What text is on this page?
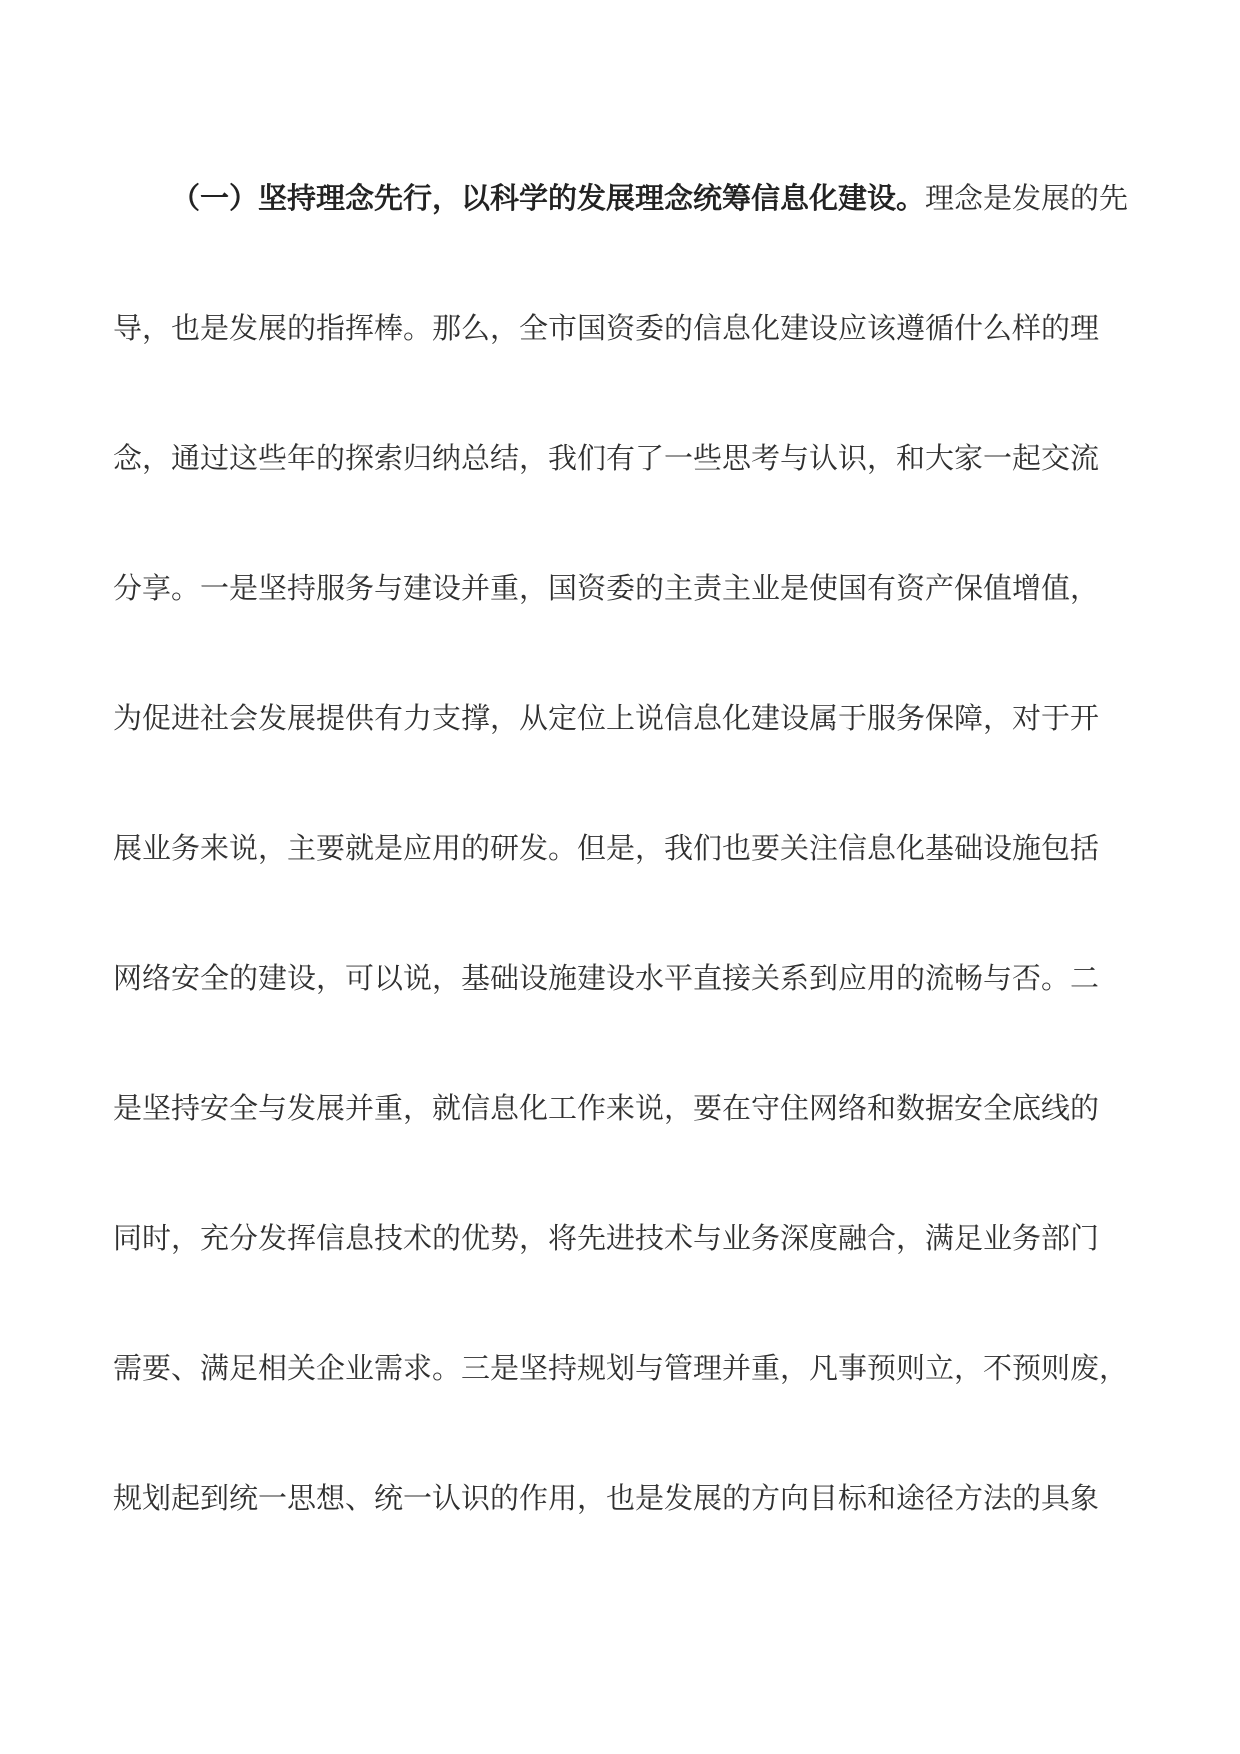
（一）坚持理念先行，以科学的发展理念统筹信息化建设。理念是发展的先
导，也是发展的指挥棒。那么，全市国资委的信息化建设应该遵循什么样的理
念，通过这些年的探索归纳总结，我们有了一些思考与认识，和大家一起交流
分享。一是坚持服务与建设并重，国资委的主责主业是使国有资产保值增值，
为促进社会发展提供有力支撑，从定位上说信息化建设属于服务保障，对于开
展业务来说，主要就是应用的研发。但是，我们也要关注信息化基础设施包括
网络安全的建设，可以说，基础设施建设水平直接关系到应用的流畅与否。二
是坚持安全与发展并重，就信息化工作来说，要在守住网络和数据安全底线的
同时，充分发挥信息技术的优势，将先进技术与业务深度融合，满足业务部门
需要、满足相关企业需求。三是坚持规划与管理并重，凡事预则立，不预则废，
规划起到统一思想、统一认识的作用，也是发展的方向目标和途径方法的具象
